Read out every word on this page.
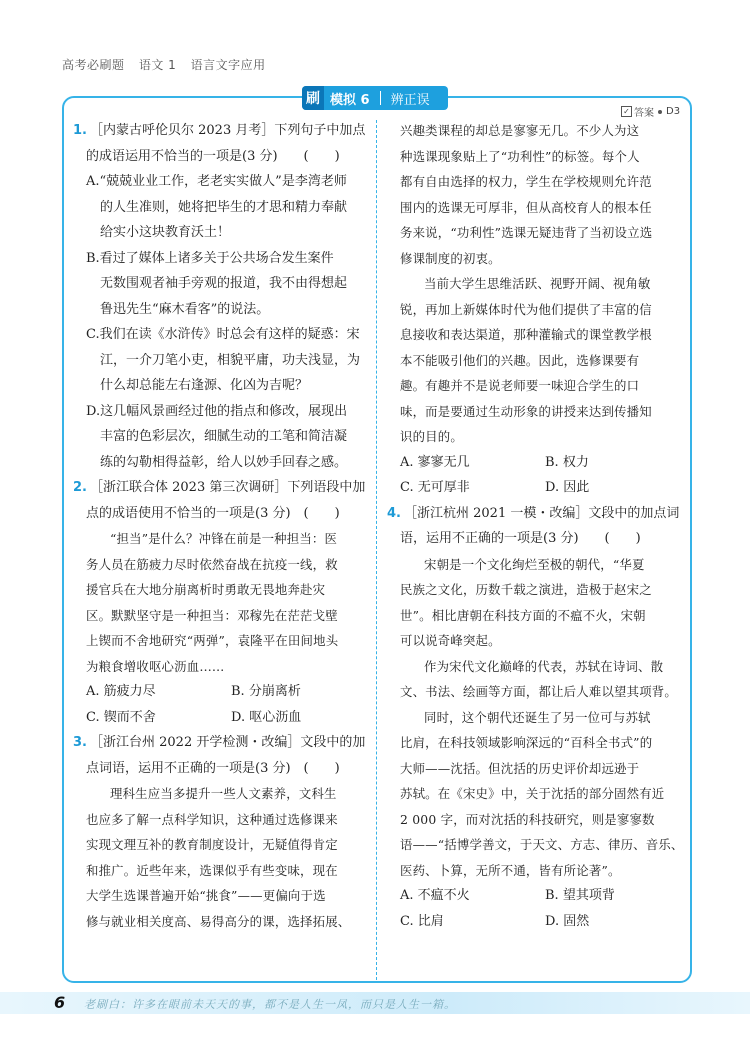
高考必刷题 语文 1 语言文字应用
刷 模拟 6	辨正误
✓ 答案 D3
1. ［内蒙古呼伦贝尔 2023 月考］下列句子中加点
的成语运用不恰当的一项是(3 分)　　(　　)
A.“兢兢业业工作，老老实实做人”是李湾老师
的人生准则，她将把毕生的才思和精力奉献
给实小这块教育沃土！
B.看过了媒体上诸多关于公共场合发生案件
无数围观者袖手旁观的报道，我不由得想起
鲁迅先生“麻木看客”的说法。
C.我们在读《水浒传》时总会有这样的疑惑：宋
江，一介刀笔小吏，相貌平庸，功夫浅显，为
什么却总能左右逢源、化凶为吉呢？
D.这几幅风景画经过他的指点和修改，展现出
丰富的色彩层次，细腻生动的工笔和简洁凝
练的勾勒相得益彰，给人以妙手回春之感。
2. ［浙江联合体 2023 第三次调研］下列语段中加
点的成语使用不恰当的一项是(3 分)　(　　)
“担当”是什么？冲锋在前是一种担当：医
务人员在筋疲力尽时依然奋战在抗疫一线，救
援官兵在大地分崩离析时勇敢无畏地奔赴灾
区。默默坚守是一种担当：邓稼先在茫茫戈壁
上锲而不舍地研究“两弹”，袁隆平在田间地头
为粮食增收呕心沥血……
A. 筋疲力尽	B. 分崩离析
C. 锲而不舍	D. 呕心沥血
3. ［浙江台州 2022 开学检测・改编］文段中的加
点词语，运用不正确的一项是(3 分)　(　　)
理科生应当多提升一些人文素养，文科生
也应多了解一点科学知识，这种通过选修课来
实现文理互补的教育制度设计，无疑值得肯定
和推广。近些年来，选课似乎有些变味，现在
大学生选课普遍开始“挑食”——更偏向于选
修与就业相关度高、易得高分的课，选择拓展、
兴趣类课程的却总是寥寥无几。不少人为这
种选课现象贴上了“功利性”的标签。每个人
都有自由选择的权力，学生在学校规则允许范
围内的选课无可厚非，但从高校育人的根本任
务来说，“功利性”选课无疑违背了当初设立选
修课制度的初衷。
当前大学生思维活跃、视野开阔、视角敏
锐，再加上新媒体时代为他们提供了丰富的信
息接收和表达渠道，那种灌输式的课堂教学根
本不能吸引他们的兴趣。因此，选修课要有
趣。有趣并不是说老师要一味迎合学生的口
味，而是要通过生动形象的讲授来达到传播知
识的目的。
A. 寥寥无几	B. 权力
C. 无可厚非	D. 因此
4. ［浙江杭州 2021 一模・改编］文段中的加点词
语，运用不正确的一项是(3 分)　　(　　)
宋朝是一个文化绚烂至极的朝代，“华夏
民族之文化，历数千载之演进，造极于赵宋之
世”。相比唐朝在科技方面的不瘟不火，宋朝
可以说奇峰突起。
作为宋代文化巅峰的代表，苏轼在诗词、散
文、书法、绘画等方面，都让后人难以望其项背。
同时，这个朝代还诞生了另一位可与苏轼
比肩，在科技领域影响深远的“百科全书式”的
大师——沈括。但沈括的历史评价却远逊于
苏轼。在《宋史》中，关于沈括的部分固然有近
2 000 字，而对沈括的科技研究，则是寥寥数
语——“括博学善文，于天文、方志、律历、音乐、
医药、卜算，无所不通，皆有所论著”。
A. 不瘟不火	B. 望其项背
C. 比肩	D. 固然
6 老刷白：许多在眼前未天天的事，都不是人生一凤，而只是人生一箱。
